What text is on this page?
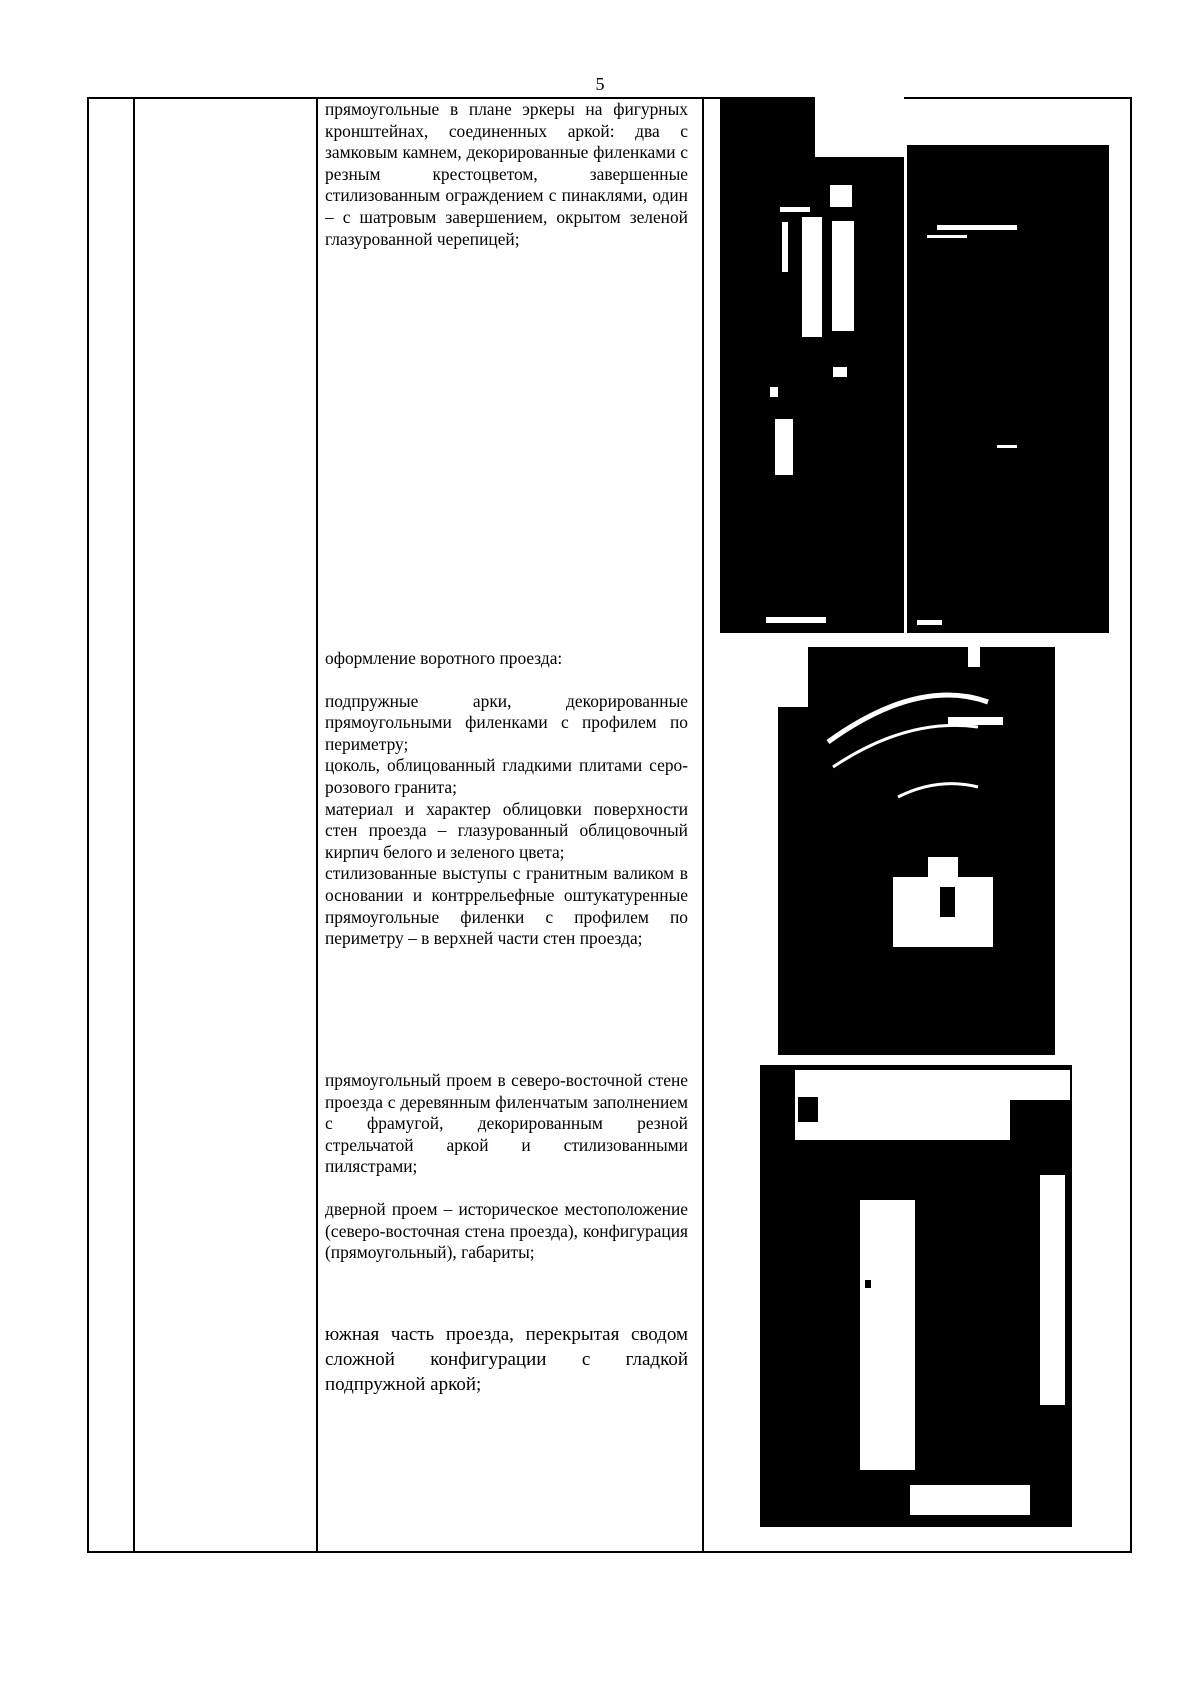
5

прямоугольные в плане эркеры на фигурных кронштейнах, соединенных аркой: два с замковым камнем, декорированные филенками с резным крестоцветом, завершенные стилизованным ограждением с пинаклями, один – с шатровым завершением, окрытом зеленой глазурованной черепицей;

оформление воротного проезда:

подпружные арки, декорированные прямоугольными филенками с профилем по периметру;

цоколь, облицованный гладкими плитами серо-розового гранита;

материал и характер облицовки поверхности стен проезда – глазурованный облицовочный кирпич белого и зеленого цвета;

стилизованные выступы с гранитным валиком в основании и контррельефные оштукатуренные прямоугольные филенки с профилем по периметру – в верхней части стен проезда;

прямоугольный проем в северо-восточной стене проезда с деревянным филенчатым заполнением с фрамугой, декорированным резной стрельчатой аркой и стилизованными пилястрами;

дверной проем – историческое местоположение (северо-восточная стена проезда), конфигурация (прямоугольный), габариты;

южная часть проезда, перекрытая сводом сложной конфигурации с гладкой подпружной аркой;
